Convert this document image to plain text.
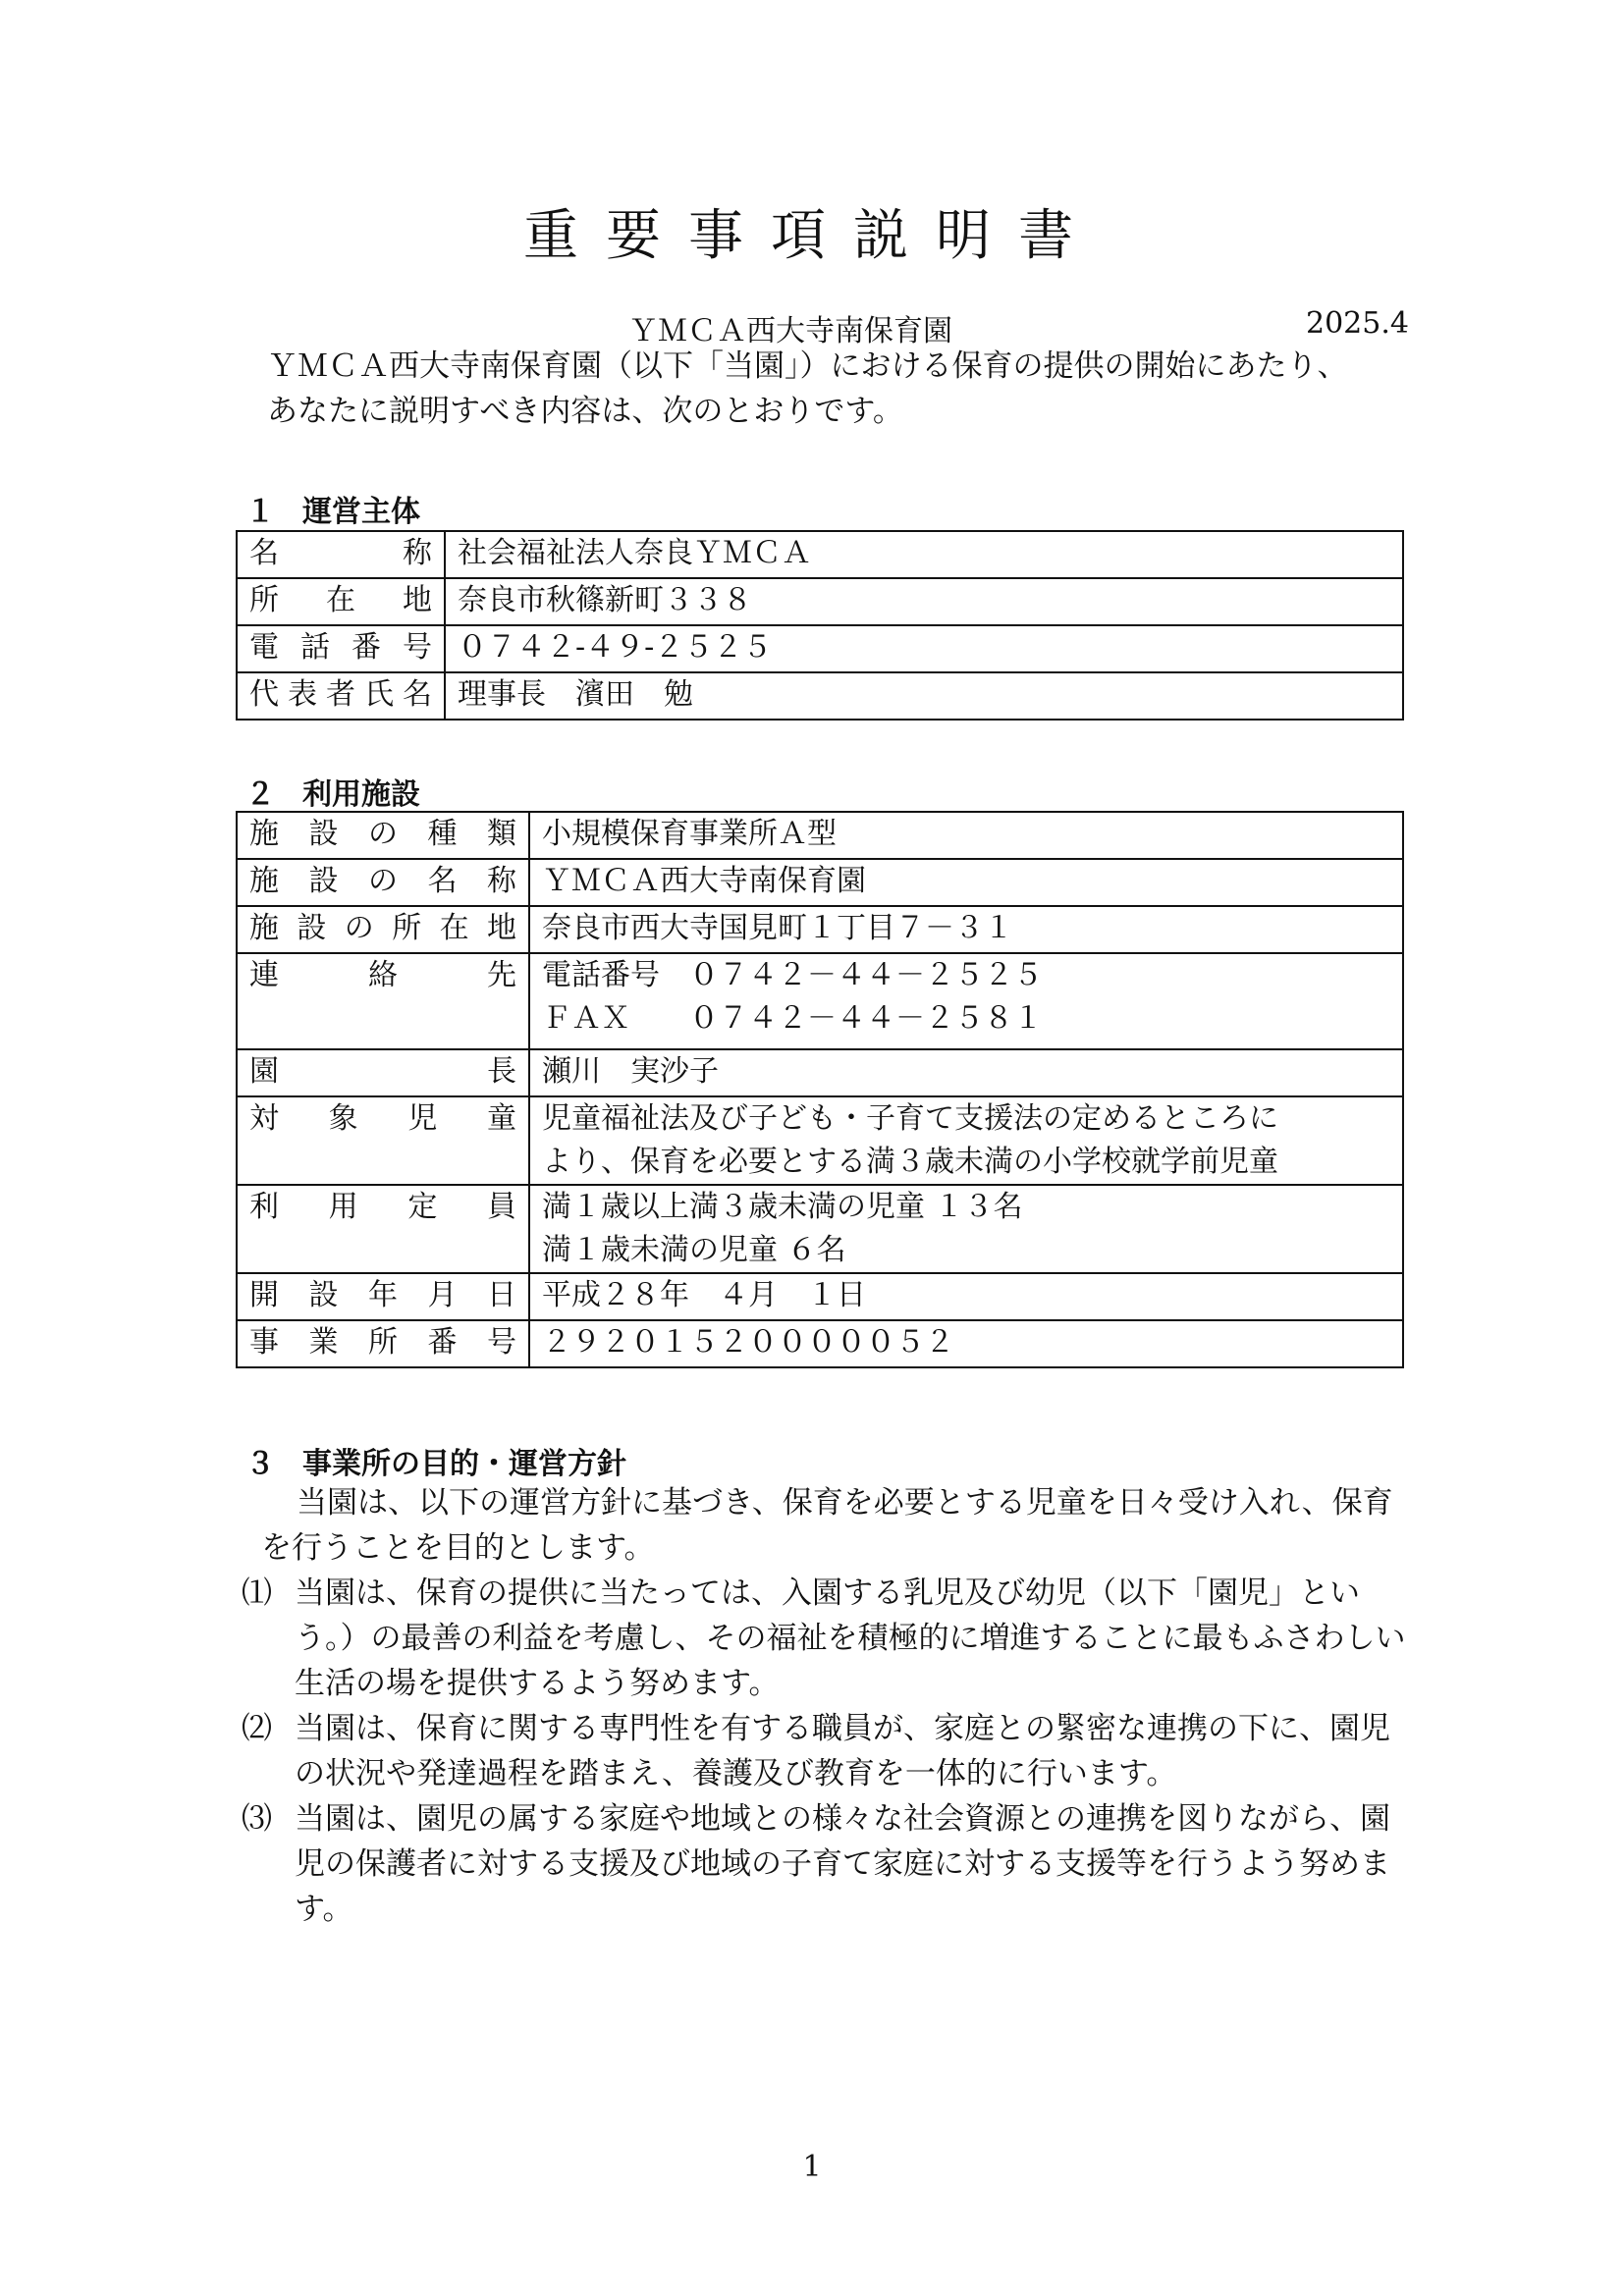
重要事項説明書
ＹＭＣＡ西大寺南保育園	2025.4

ＹＭＣＡ西大寺南保育園（以下「当園」）における保育の提供の開始にあたり、

あなたに説明すべき内容は、次のとおりです。

１ 運営主体
名称	社会福祉法人奈良ＹＭＣＡ

所在地	奈良市秋篠新町３３８

電話番号	０７４２-４９-２５２５

代表者氏名	理事長　濱田　勉
２ 利用施設
施設の種類	小規模保育事業所Ａ型

施設の名称	ＹＭＣＡ西大寺南保育園

施設の所在地	奈良市西大寺国見町１丁目７－３１

連絡先	電話番号　０７４２－４４－２５２５
ＦＡＸ　　０７４２－４４－２５８１

園長	瀬川　実沙子

対象児童	児童福祉法及び子ども・子育て支援法の定めるところに
より、保育を必要とする満３歳未満の小学校就学前児童

利用定員	満１歳以上満３歳未満の児童 １３名
満１歳未満の児童 ６名

開設年月日	平成２８年　４月　１日

事業所番号	２９２０１５２０００００５２
３ 事業所の目的・運営方針

当園は、以下の運営方針に基づき、保育を必要とする児童を日々受け入れ、保育を行うことを目的とします。

⑴ 当園は、保育の提供に当たっては、入園する乳児及び幼児（以下「園児」という。）の最善の利益を考慮し、その福祉を積極的に増進することに最もふさわしい生活の場を提供するよう努めます。
⑵ 当園は、保育に関する専門性を有する職員が、家庭との緊密な連携の下に、園児の状況や発達過程を踏まえ、養護及び教育を一体的に行います。
⑶ 当園は、園児の属する家庭や地域との様々な社会資源との連携を図りながら、園児の保護者に対する支援及び地域の子育て家庭に対する支援等を行うよう努めます。
1
